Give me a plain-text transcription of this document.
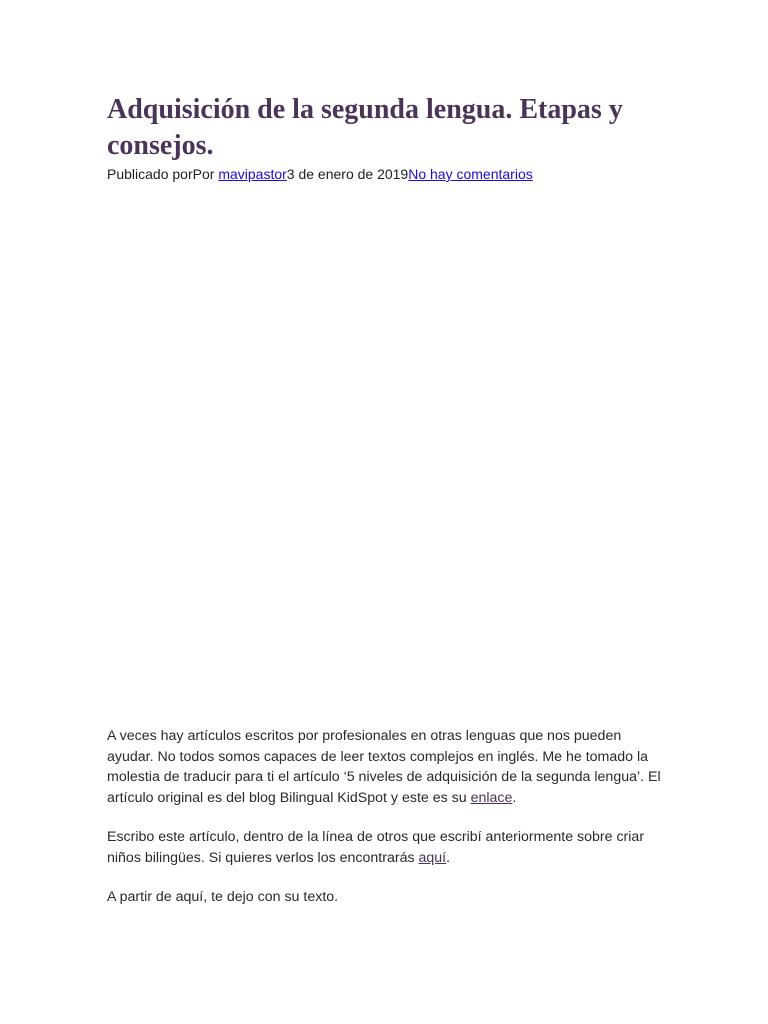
Adquisición de la segunda lengua. Etapas y consejos.
Publicado porPor mavipastor3 de enero de 2019No hay comentarios

A veces hay artículos escritos por profesionales en otras lenguas que nos pueden ayudar. No todos somos capaces de leer textos complejos en inglés. Me he tomado la molestia de traducir para ti el artículo ‘5 niveles de adquisición de la segunda lengua’. El artículo original es del blog Bilingual KidSpot y este es su enlace.

Escribo este artículo, dentro de la línea de otros que escribí anteriormente sobre criar niños bilingües. Si quieres verlos los encontrarás aquí.

A partir de aquí, te dejo con su texto.
